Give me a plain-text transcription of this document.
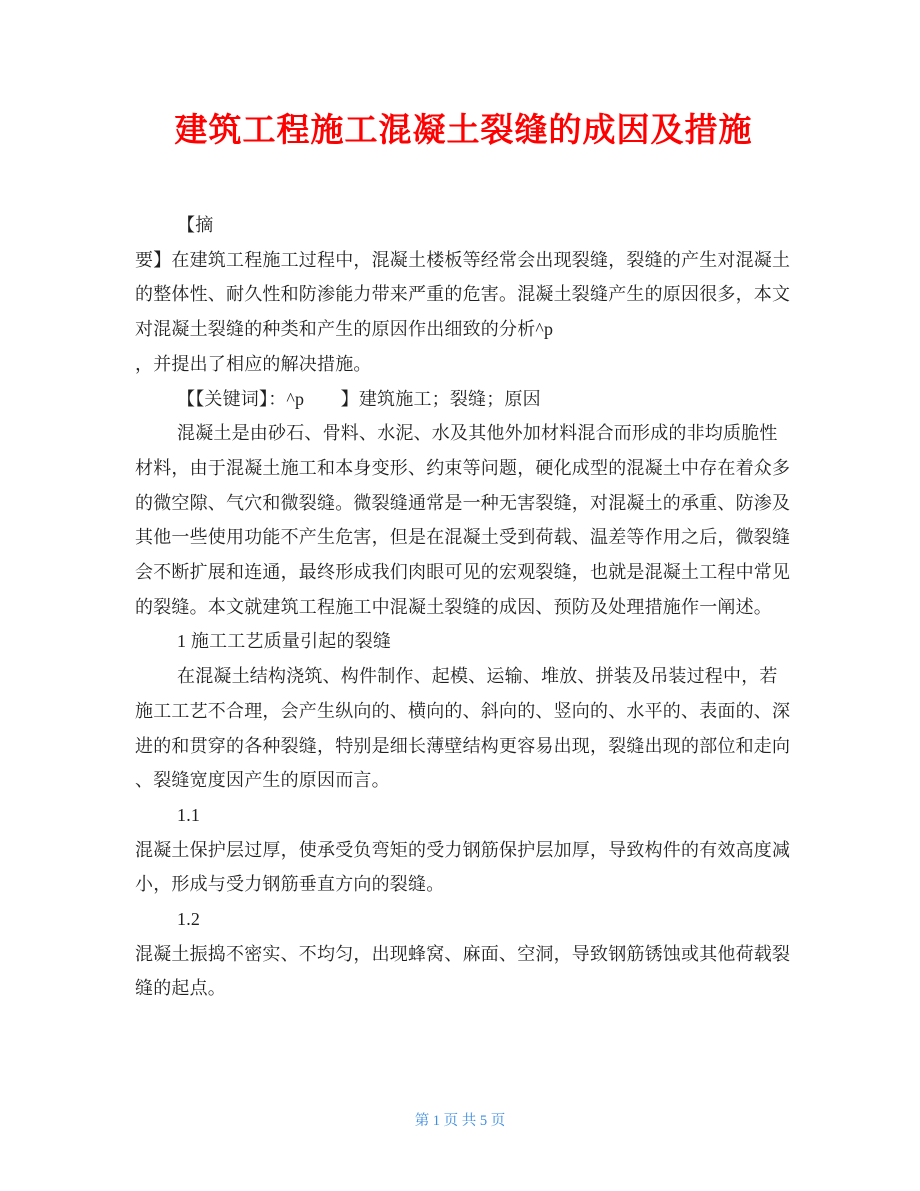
建筑工程施工混凝土裂缝的成因及措施
【摘
要】在建筑工程施工过程中，混凝土楼板等经常会出现裂缝，裂缝的产生对混凝土
的整体性、耐久性和防渗能力带来严重的危害。混凝土裂缝产生的原因很多，本文
对混凝土裂缝的种类和产生的原因作出细致的分析^p
，并提出了相应的解决措施。
【【关键词】：^p　　】建筑施工；裂缝；原因
混凝土是由砂石、骨料、水泥、水及其他外加材料混合而形成的非均质脆性
材料，由于混凝土施工和本身变形、约束等问题，硬化成型的混凝土中存在着众多
的微空隙、气穴和微裂缝。微裂缝通常是一种无害裂缝，对混凝土的承重、防渗及
其他一些使用功能不产生危害，但是在混凝土受到荷载、温差等作用之后，微裂缝
会不断扩展和连通，最终形成我们肉眼可见的宏观裂缝，也就是混凝土工程中常见
的裂缝。本文就建筑工程施工中混凝土裂缝的成因、预防及处理措施作一阐述。
1 施工工艺质量引起的裂缝
在混凝土结构浇筑、构件制作、起模、运输、堆放、拼装及吊装过程中，若
施工工艺不合理，会产生纵向的、横向的、斜向的、竖向的、水平的、表面的、深
进的和贯穿的各种裂缝，特别是细长薄壁结构更容易出现，裂缝出现的部位和走向
、裂缝宽度因产生的原因而言。
1.1
混凝土保护层过厚，使承受负弯矩的受力钢筋保护层加厚，导致构件的有效高度减
小，形成与受力钢筋垂直方向的裂缝。
1.2
混凝土振捣不密实、不均匀，出现蜂窝、麻面、空洞，导致钢筋锈蚀或其他荷载裂
缝的起点。
第 1 页 共 5 页
